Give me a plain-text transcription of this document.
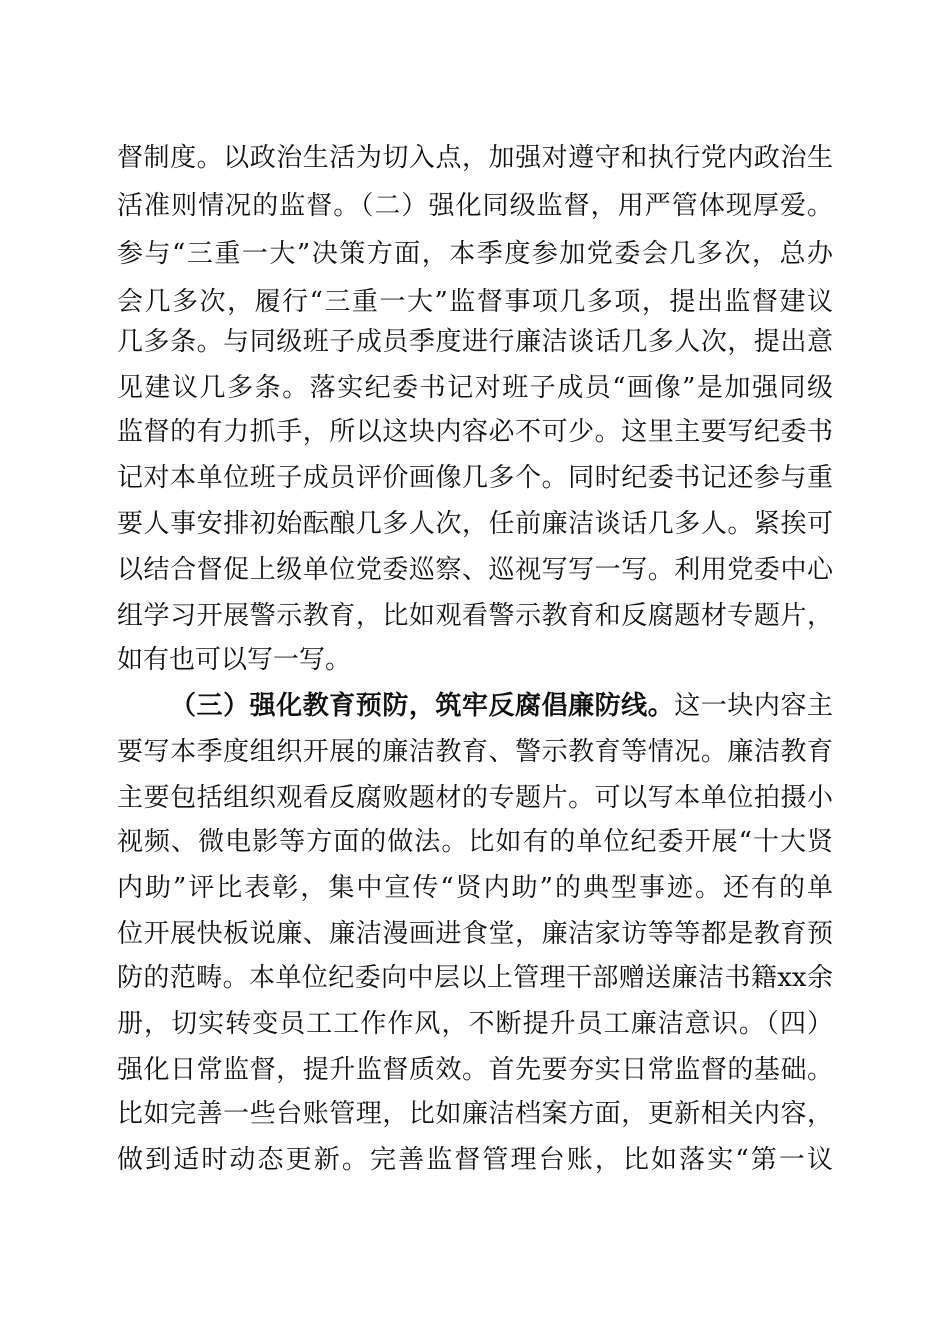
督制度。以政治生活为切入点，加强对遵守和执行党内政治生
活准则情况的监督。（二）强化同级监督，用严管体现厚爱。
参与“三重一大”决策方面，本季度参加党委会几多次，总办
会几多次，履行“三重一大”监督事项几多项，提出监督建议
几多条。与同级班子成员季度进行廉洁谈话几多人次，提出意
见建议几多条。落实纪委书记对班子成员“画像”是加强同级
监督的有力抓手，所以这块内容必不可少。这里主要写纪委书
记对本单位班子成员评价画像几多个。同时纪委书记还参与重
要人事安排初始酝酿几多人次，任前廉洁谈话几多人。紧挨可
以结合督促上级单位党委巡察、巡视写写一写。利用党委中心
组学习开展警示教育，比如观看警示教育和反腐题材专题片，
如有也可以写一写。
（三）强化教育预防，筑牢反腐倡廉防线。这一块内容主
要写本季度组织开展的廉洁教育、警示教育等情况。廉洁教育
主要包括组织观看反腐败题材的专题片。可以写本单位拍摄小
视频、微电影等方面的做法。比如有的单位纪委开展“十大贤
内助”评比表彰，集中宣传“贤内助”的典型事迹。还有的单
位开展快板说廉、廉洁漫画进食堂，廉洁家访等等都是教育预
防的范畴。本单位纪委向中层以上管理干部赠送廉洁书籍xx余
册，切实转变员工工作作风，不断提升员工廉洁意识。（四）
强化日常监督，提升监督质效。首先要夯实日常监督的基础。
比如完善一些台账管理，比如廉洁档案方面，更新相关内容，
做到适时动态更新。完善监督管理台账，比如落实“第一议
